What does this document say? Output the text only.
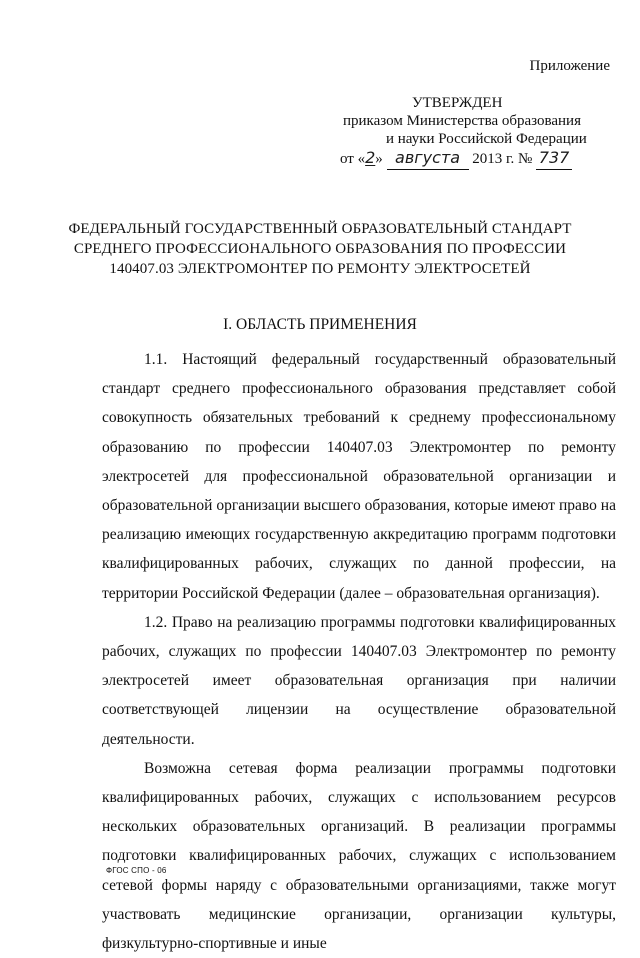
Приложение
УТВЕРЖДЕН
приказом Министерства образования
и науки Российской Федерации
от «2» августа 2013 г. № 737
ФЕДЕРАЛЬНЫЙ ГОСУДАРСТВЕННЫЙ ОБРАЗОВАТЕЛЬНЫЙ СТАНДАРТ
СРЕДНЕГО ПРОФЕССИОНАЛЬНОГО ОБРАЗОВАНИЯ ПО ПРОФЕССИИ
140407.03 ЭЛЕКТРОМОНТЕР ПО РЕМОНТУ ЭЛЕКТРОСЕТЕЙ
I. ОБЛАСТЬ ПРИМЕНЕНИЯ

1.1. Настоящий федеральный государственный образовательный стандарт среднего профессионального образования представляет собой совокупность обязательных требований к среднему профессиональному образованию по профессии 140407.03 Электромонтер по ремонту электросетей для профессиональной образовательной организации и образовательной организации высшего образования, которые имеют право на реализацию имеющих государственную аккредитацию программ подготовки квалифицированных рабочих, служащих по данной профессии, на территории Российской Федерации (далее – образовательная организация).

1.2. Право на реализацию программы подготовки квалифицированных рабочих, служащих по профессии 140407.03 Электромонтер по ремонту электросетей имеет образовательная организация при наличии соответствующей лицензии на осуществление образовательной деятельности.

Возможна сетевая форма реализации программы подготовки квалифицированных рабочих, служащих с использованием ресурсов нескольких образовательных организаций. В реализации программы подготовки квалифицированных рабочих, служащих с использованием сетевой формы наряду с образовательными организациями, также могут участвовать медицинские организации, организации культуры, физкультурно-спортивные и иные

ФГОС СПО - 06
